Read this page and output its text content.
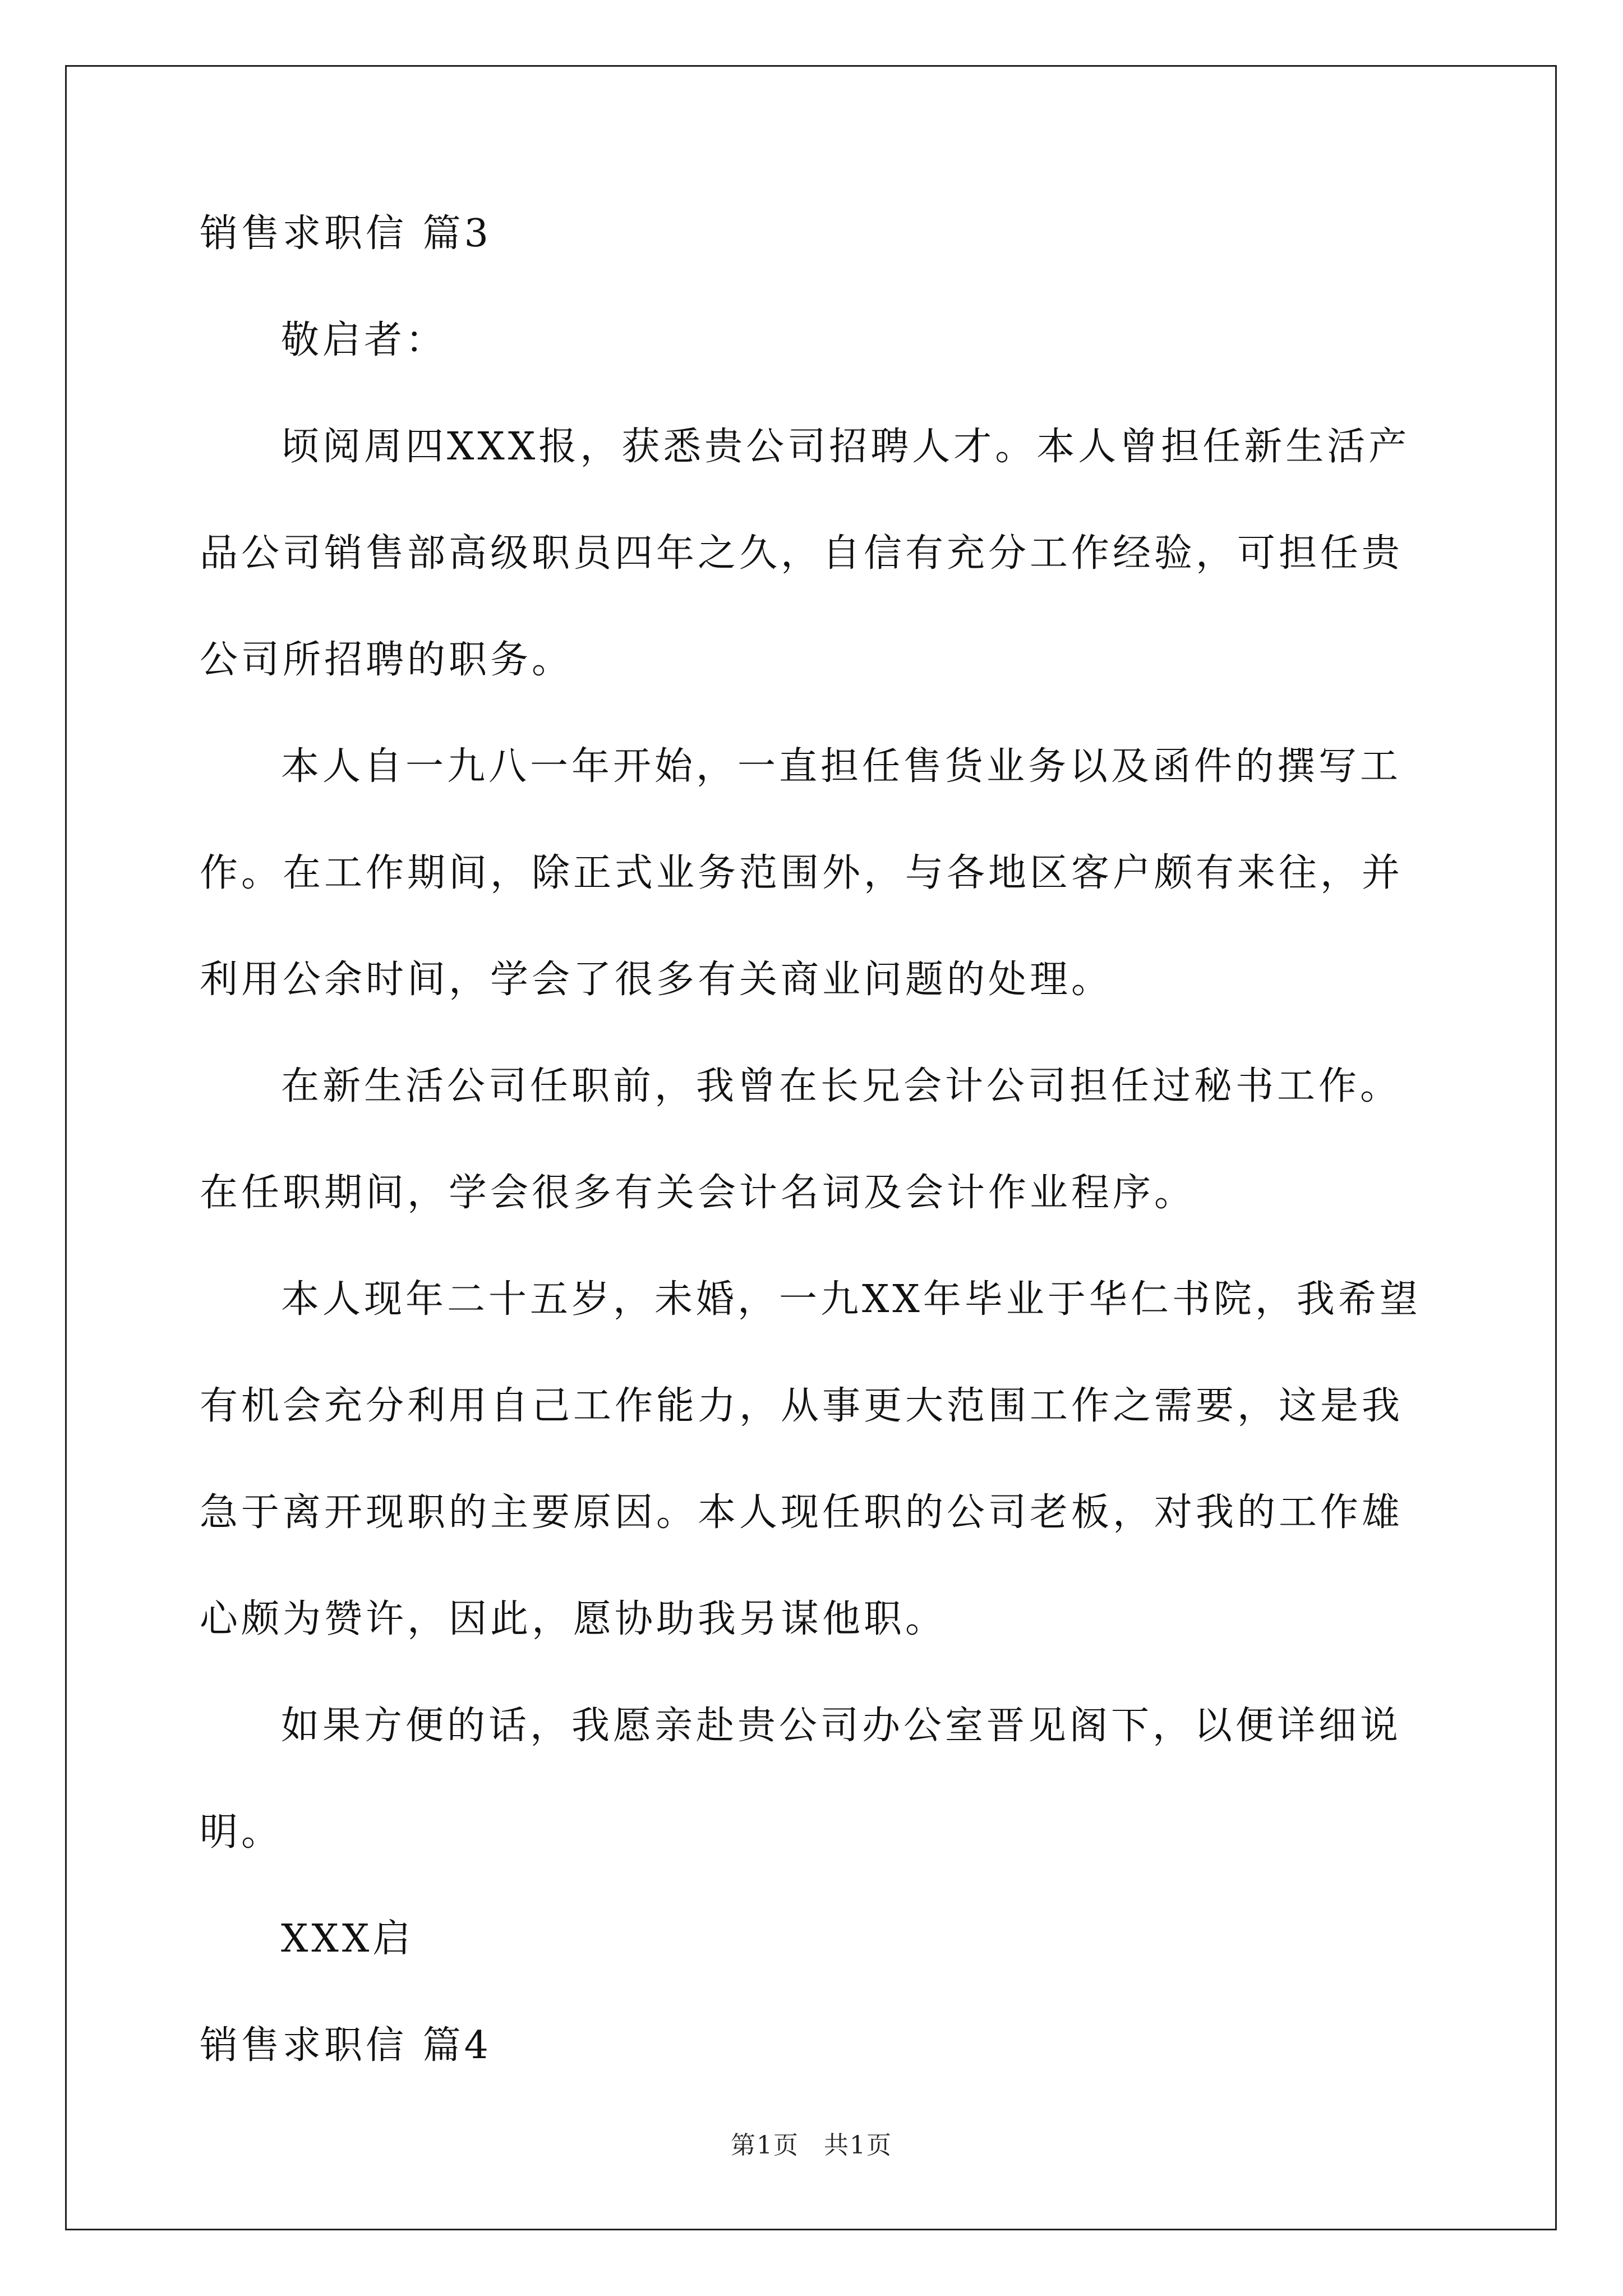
销售求职信 篇3
敬启者：
顷阅周四XXX报，获悉贵公司招聘人才。本人曾担任新生活产品公司销售部高级职员四年之久，自信有充分工作经验，可担任贵公司所招聘的职务。
本人自一九八一年开始，一直担任售货业务以及函件的撰写工作。在工作期间，除正式业务范围外，与各地区客户颇有来往，并利用公余时间，学会了很多有关商业问题的处理。
在新生活公司任职前，我曾在长兄会计公司担任过秘书工作。在任职期间，学会很多有关会计名词及会计作业程序。
本人现年二十五岁，未婚，一九XX年毕业于华仁书院，我希望有机会充分利用自己工作能力，从事更大范围工作之需要，这是我急于离开现职的主要原因。本人现任职的公司老板，对我的工作雄心颇为赞许，因此，愿协助我另谋他职。
如果方便的话，我愿亲赴贵公司办公室晋见阁下，以便详细说明。
XXX启
销售求职信 篇4
第1页 共1页
